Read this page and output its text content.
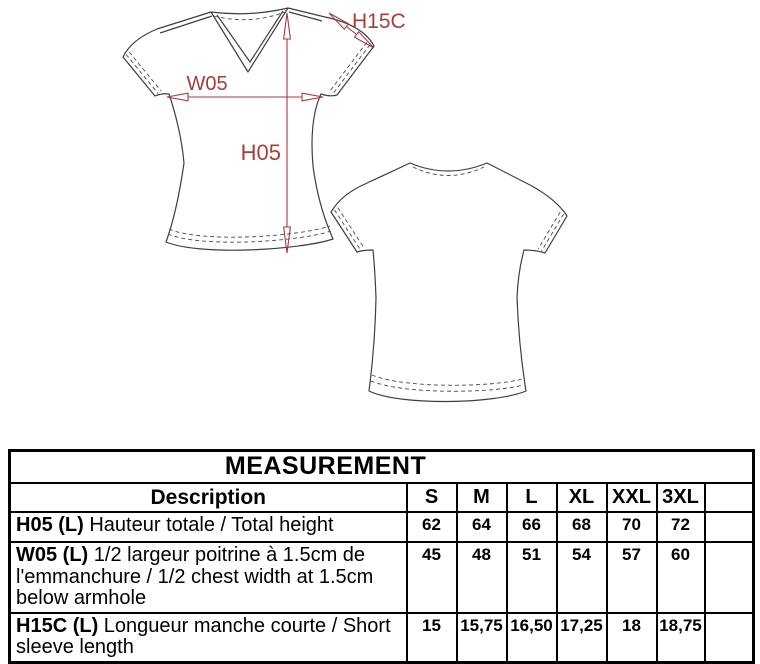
W05
H05
H15C
MEASUREMENT							
Description	S	M	L	XL	XXL	3XL	
H05 (L) Hauteur totale / Total height	62	64	66	68	70	72	
W05 (L) 1/2 largeur poitrine à 1.5cm de l'emmanchure / 1/2 chest width at 1.5cm below armhole	45	48	51	54	57	60	
H15C (L) Longueur manche courte / Short sleeve length	15	15,75	16,50	17,25	18	18,75	
